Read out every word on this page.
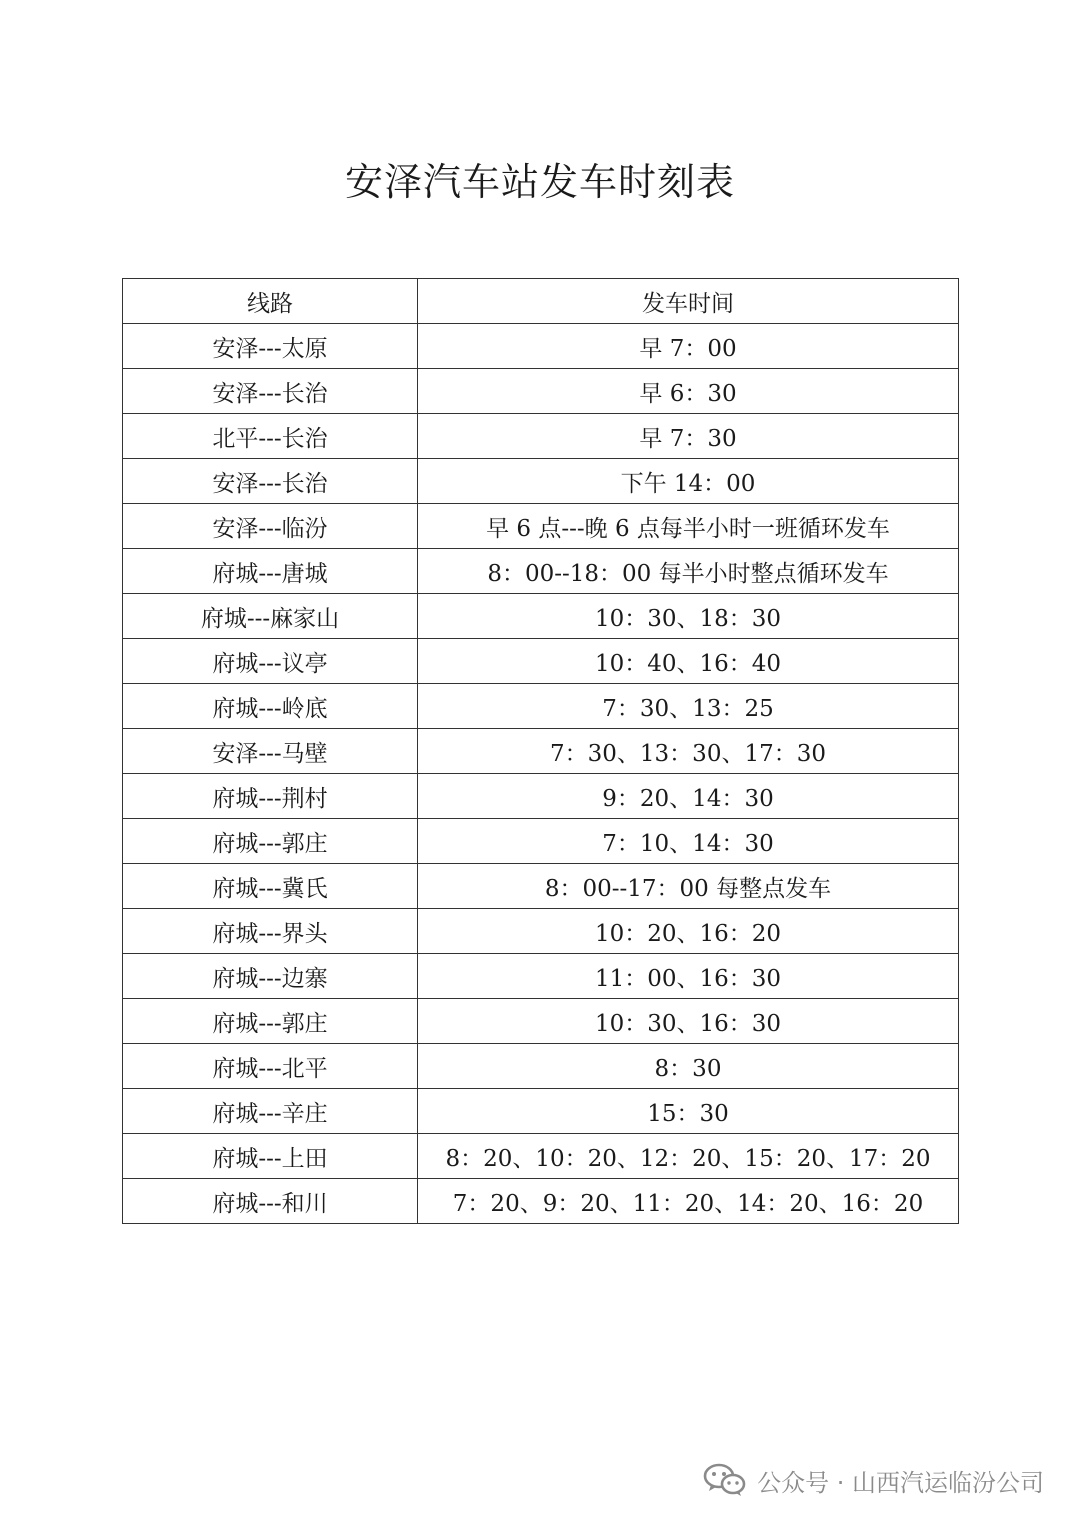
安泽汽车站发车时刻表
线路	发车时间
安泽---太原	早 7：00
安泽---长治	早 6：30
北平---长治	早 7：30
安泽---长治	下午 14：00
安泽---临汾	早 6 点---晚 6 点每半小时一班循环发车
府城---唐城	8：00--18：00 每半小时整点循环发车
府城---麻家山	10：30、18：30
府城---议亭	10：40、16：40
府城---岭底	7：30、13：25
安泽---马壁	7：30、13：30、17：30
府城---荆村	9：20、14：30
府城---郭庄	7：10、14：30
府城---冀氏	8：00--17：00 每整点发车
府城---界头	10：20、16：20
府城---边寨	11：00、16：30
府城---郭庄	10：30、16：30
府城---北平	8：30
府城---辛庄	15：30
府城---上田	8：20、10：20、12：20、15：20、17：20
府城---和川	7：20、9：20、11：20、14：20、16：20
公众号 · 山西汽运临汾公司
